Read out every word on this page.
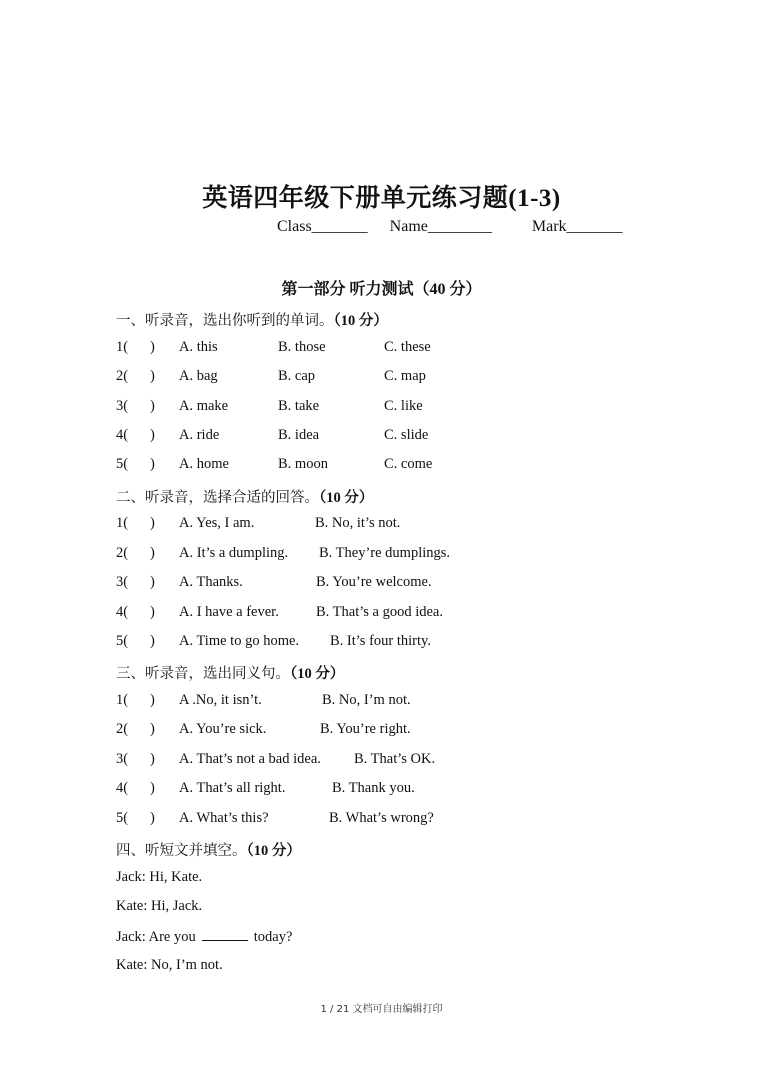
英语四年级下册单元练习题(1-3)
Class_______ Name________	Mark_______
第一部分 听力测试（40 分）
一、听录音，选出你听到的单词。（10 分）
1( ) A. this	B. those	C. these
2( ) A. bag	B. cap	C. map
3( ) A. make	B. take	C. like
4( ) A. ride	B. idea	C. slide
5( ) A. home	B. moon	C. come
二、听录音，选择合适的回答。（10 分）
1( ) A. Yes, I am.	B. No, it’s not.
2( ) A. It’s a dumpling. B. They’re dumplings.
3( ) A. Thanks.	B. You’re welcome.
4( ) A. I have a fever.	B. That’s a good idea.
5( ) A. Time to go home. B. It’s four thirty.
三、听录音，选出同义句。（10 分）
1( ) A .No, it isn’t.	B. No, I’m not.
2( ) A. You’re sick.	B. You’re right.
3( ) A. That’s not a bad idea. B. That’s OK.
4( ) A. That’s all right.	B. Thank you.
5( ) A. What’s this?	B. What’s wrong?
四、听短文并填空。（10 分）
Jack: Hi, Kate.
Kate: Hi, Jack.
Jack: Are you	today?
Kate: No, I’m not.
1 / 21 文档可自由编辑打印
